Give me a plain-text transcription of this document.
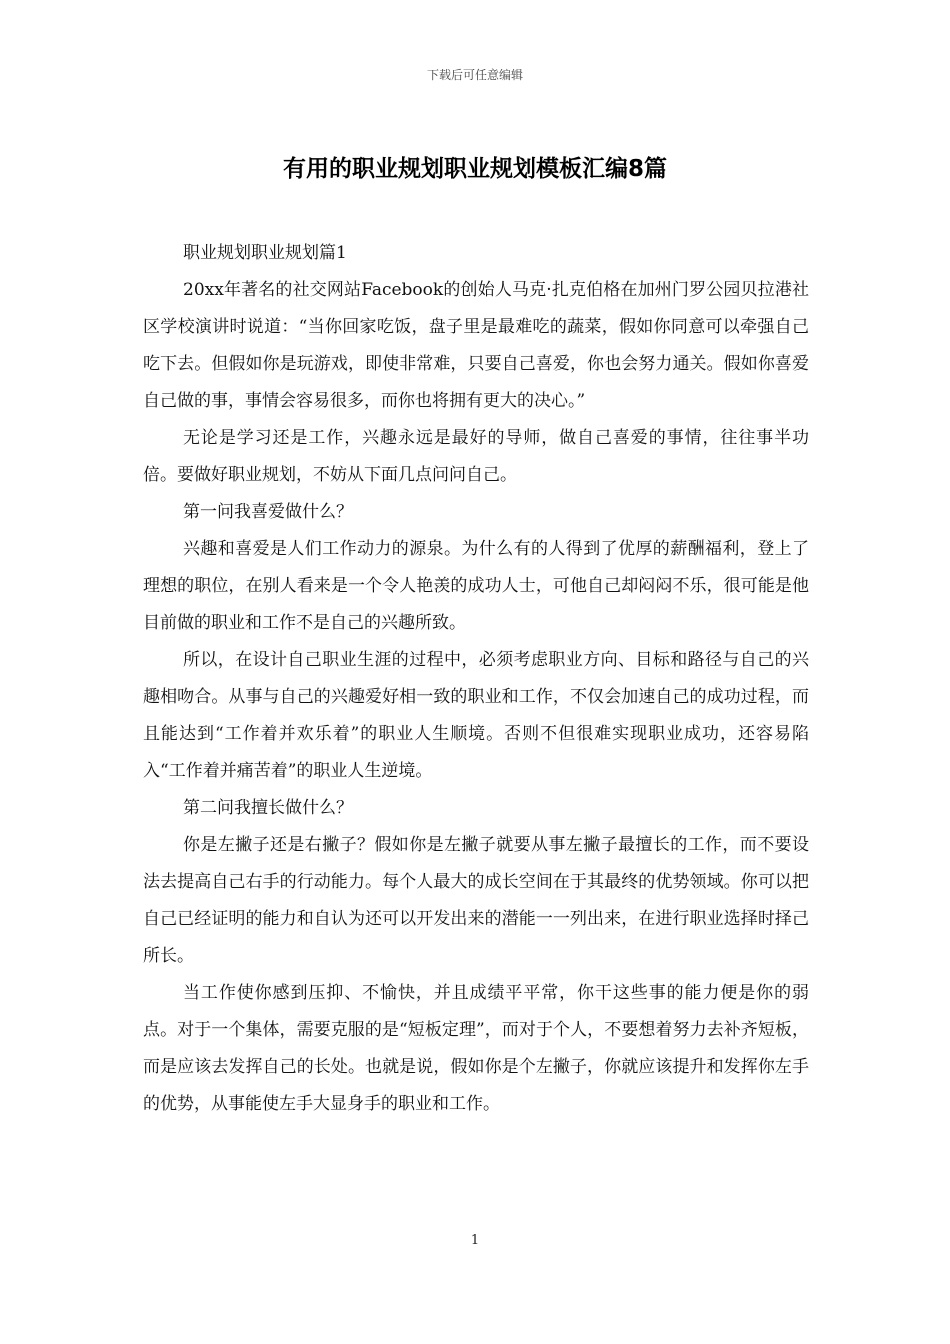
下载后可任意编辑
有用的职业规划职业规划模板汇编8篇

职业规划职业规划篇1

20xx年著名的社交网站Facebook的创始人马克·扎克伯格在加州门罗公园贝拉港社区学校演讲时说道：“当你回家吃饭，盘子里是最难吃的蔬菜，假如你同意可以牵强自己吃下去。但假如你是玩游戏，即使非常难，只要自己喜爱，你也会努力通关。假如你喜爱自己做的事，事情会容易很多，而你也将拥有更大的决心。”

无论是学习还是工作，兴趣永远是最好的导师，做自己喜爱的事情，往往事半功倍。要做好职业规划，不妨从下面几点问问自己。

第一问我喜爱做什么？

兴趣和喜爱是人们工作动力的源泉。为什么有的人得到了优厚的薪酬福利，登上了理想的职位，在别人看来是一个令人艳羡的成功人士，可他自己却闷闷不乐，很可能是他目前做的职业和工作不是自己的兴趣所致。

所以，在设计自己职业生涯的过程中，必须考虑职业方向、目标和路径与自己的兴趣相吻合。从事与自己的兴趣爱好相一致的职业和工作，不仅会加速自己的成功过程，而且能达到“工作着并欢乐着”的职业人生顺境。否则不但很难实现职业成功，还容易陷入“工作着并痛苦着”的职业人生逆境。

第二问我擅长做什么？

你是左撇子还是右撇子？假如你是左撇子就要从事左撇子最擅长的工作，而不要设法去提高自己右手的行动能力。每个人最大的成长空间在于其最终的优势领域。你可以把自己已经证明的能力和自认为还可以开发出来的潜能一一列出来，在进行职业选择时择己所长。

当工作使你感到压抑、不愉快，并且成绩平平常，你干这些事的能力便是你的弱点。对于一个集体，需要克服的是“短板定理”，而对于个人，不要想着努力去补齐短板，而是应该去发挥自己的长处。也就是说，假如你是个左撇子，你就应该提升和发挥你左手的优势，从事能使左手大显身手的职业和工作。

1
